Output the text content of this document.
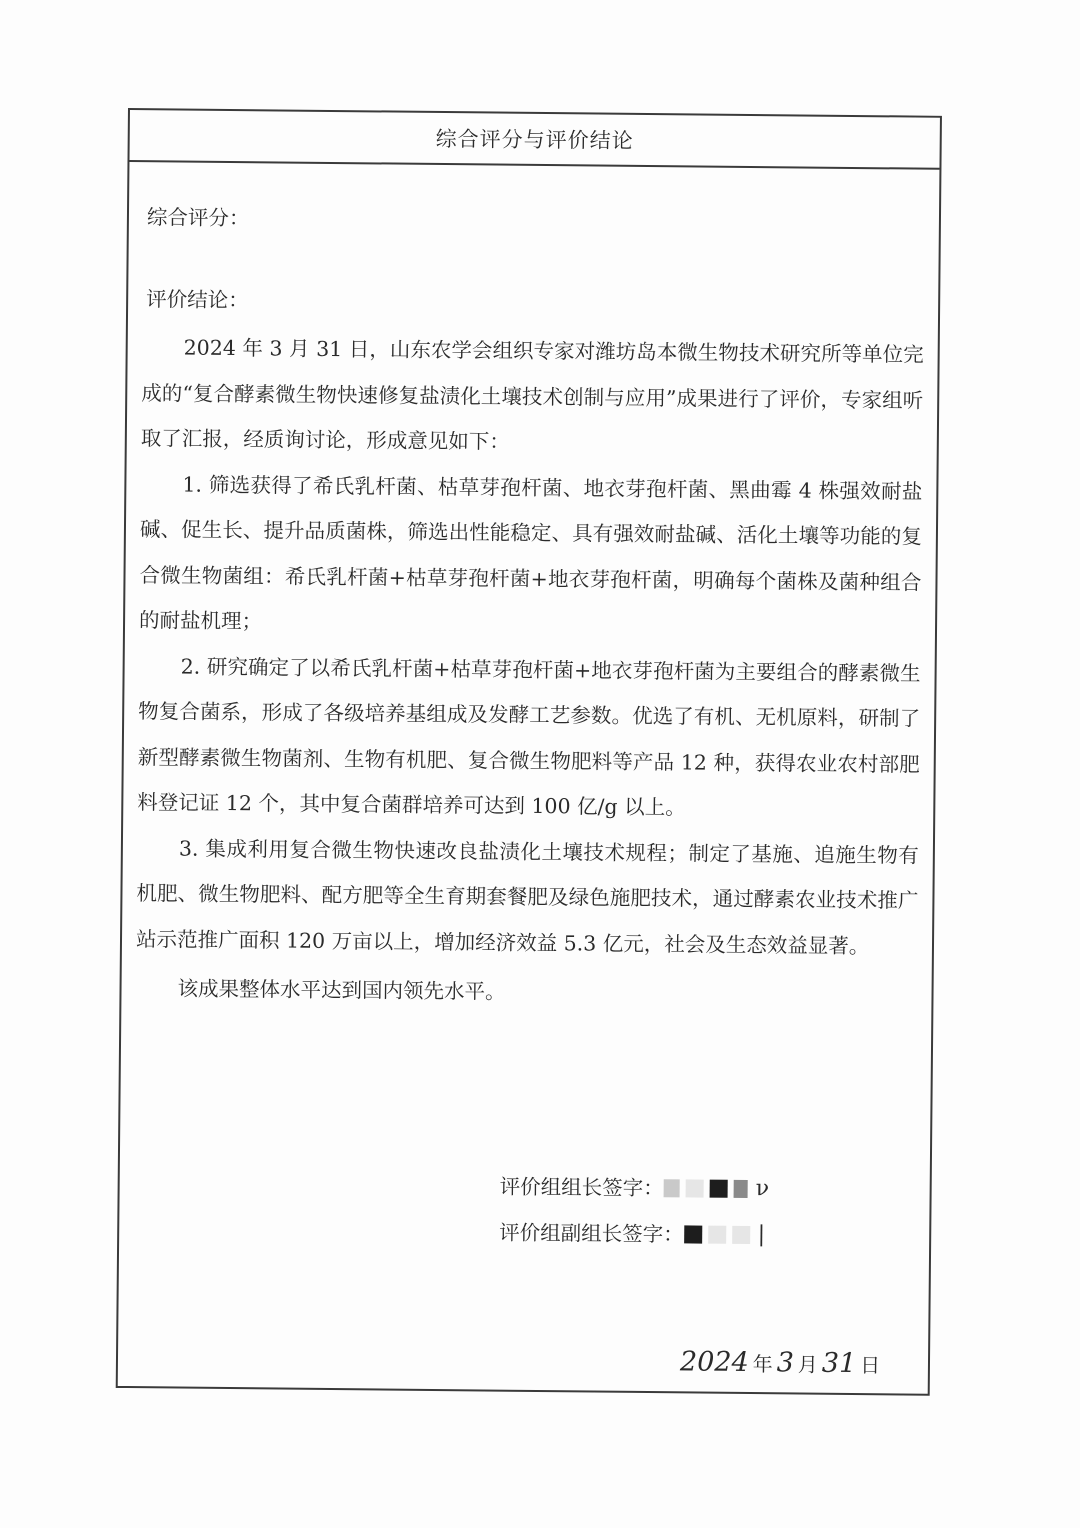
综合评分与评价结论
综合评分：
评价结论：

2024 年 3 月 31 日，山东农学会组织专家对潍坊岛本微生物技术研究所等单位完成的“复合酵素微生物快速修复盐渍化土壤技术创制与应用”成果进行了评价，专家组听取了汇报，经质询讨论，形成意见如下：

1. 筛选获得了希氏乳杆菌、枯草芽孢杆菌、地衣芽孢杆菌、黑曲霉 4 株强效耐盐碱、促生长、提升品质菌株，筛选出性能稳定、具有强效耐盐碱、活化土壤等功能的复合微生物菌组：希氏乳杆菌+枯草芽孢杆菌+地衣芽孢杆菌，明确每个菌株及菌种组合的耐盐机理；

2. 研究确定了以希氏乳杆菌+枯草芽孢杆菌+地衣芽孢杆菌为主要组合的酵素微生物复合菌系，形成了各级培养基组成及发酵工艺参数。优选了有机、无机原料，研制了新型酵素微生物菌剂、生物有机肥、复合微生物肥料等产品 12 种，获得农业农村部肥料登记证 12 个，其中复合菌群培养可达到 100 亿/g 以上。

3. 集成利用复合微生物快速改良盐渍化土壤技术规程；制定了基施、追施生物有机肥、微生物肥料、配方肥等全生育期套餐肥及绿色施肥技术，通过酵素农业技术推广站示范推广面积 120 万亩以上，增加经济效益 5.3 亿元，社会及生态效益显著。

该成果整体水平达到国内领先水平。

评价组组长签字：	ν
评价组副组长签字：	|
2024 年 3 月 31 日
